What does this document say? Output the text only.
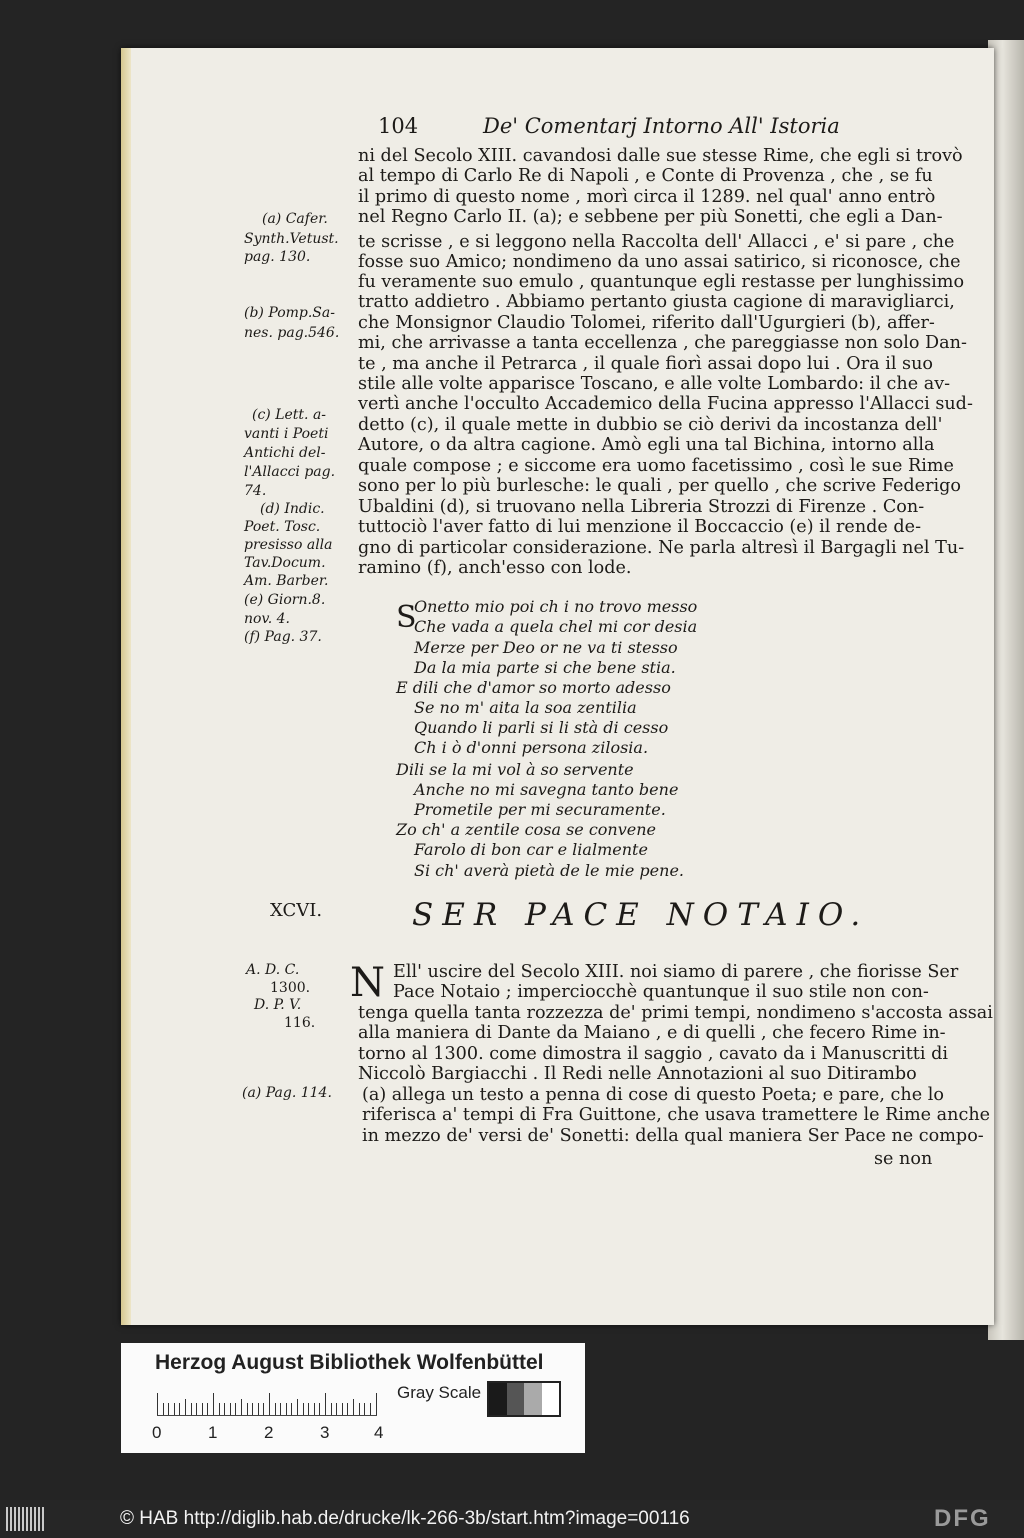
104	De' Comentarj Intorno All' Istoria
ni del Secolo XIII. cavandosi dalle sue stesse Rime, che egli si trovò
al tempo di Carlo Re di Napoli , e Conte di Provenza , che , se fu
il primo di questo nome , morì circa il 1289. nel qual' anno entrò
nel Regno Carlo II. (a); e sebbene per più Sonetti, che egli a Dan-
te scrisse , e si leggono nella Raccolta dell' Allacci , e' si pare , che
fosse suo Amico; nondimeno da uno assai satirico, si riconosce, che
fu veramente suo emulo , quantunque egli restasse per lunghissimo
tratto addietro . Abbiamo pertanto giusta cagione di maravigliarci,
che Monsignor Claudio Tolomei, riferito dall'Ugurgieri (b), affer-
mi, che arrivasse a tanta eccellenza , che pareggiasse non solo Dan-
te , ma anche il Petrarca , il quale fiorì assai dopo lui . Ora il suo
stile alle volte apparisce Toscano, e alle volte Lombardo: il che av-
vertì anche l'occulto Accademico della Fucina appresso l'Allacci sud-
detto (c), il quale mette in dubbio se ciò derivi da incostanza dell'
Autore, o da altra cagione. Amò egli una tal Bichina, intorno alla
quale compose ; e siccome era uomo facetissimo , così le sue Rime
sono per lo più burlesche: le quali , per quello , che scrive Federigo
Ubaldini (d), si truovano nella Libreria Strozzi di Firenze . Con-
tuttociò l'aver fatto di lui menzione il Boccaccio (e) il rende de-
gno di particolar considerazione. Ne parla altresì il Bargagli nel Tu-
ramino (f), anch'esso con lode.
(a) Cafer.
Synth.Vetust.
pag. 130.
(b) Pomp.Sa-
nes. pag.546.
(c) Lett. a-
vanti i Poeti
Antichi del-
l'Allacci pag.
74.
(d) Indic.
Poet. Tosc.
presisso alla
Tav.Docum.
Am. Barber.
(e) Giorn.8.
nov. 4.
(f) Pag. 37.
S
Onetto mio poi ch i no trovo messo
Che vada a quela chel mi cor desia
Merze per Deo or ne va ti stesso
Da la mia parte si che bene stia.
E dili che d'amor so morto adesso
Se no m' aita la soa zentilia
Quando li parli si li stà di cesso
Ch i ò d'onni persona zilosia.
Dili se la mi vol à so servente
Anche no mi savegna tanto bene
Prometile per mi securamente.
Zo ch' a zentile cosa se convene
Farolo di bon car e lialmente
Si ch' averà pietà de le mie pene.
XCVI.	SER PACE NOTAIO.
N Ell' uscire del Secolo XIII. noi siamo di parere , che fiorisse Ser
Pace Notaio ; imperciocchè quantunque il suo stile non con-
tenga quella tanta rozzezza de' primi tempi, nondimeno s'accosta assai
alla maniera di Dante da Maiano , e di quelli , che fecero Rime in-
torno al 1300. come dimostra il saggio , cavato da i Manuscritti di
Niccolò Bargiacchi . Il Redi nelle Annotazioni al suo Ditirambo
(a) allega un testo a penna di cose di questo Poeta; e pare, che lo
riferisca a' tempi di Fra Guittone, che usava tramettere le Rime anche
in mezzo de' versi de' Sonetti: della qual maniera Ser Pace ne compo-
se non
A. D. C.
1300.
D. P. V.
116.
(a) Pag. 114.
Herzog August Bibliothek Wolfenbüttel
0	1	2	3	4
Gray Scale
© HAB http://diglib.hab.de/drucke/lk-266-3b/start.htm?image=00116	DFG
